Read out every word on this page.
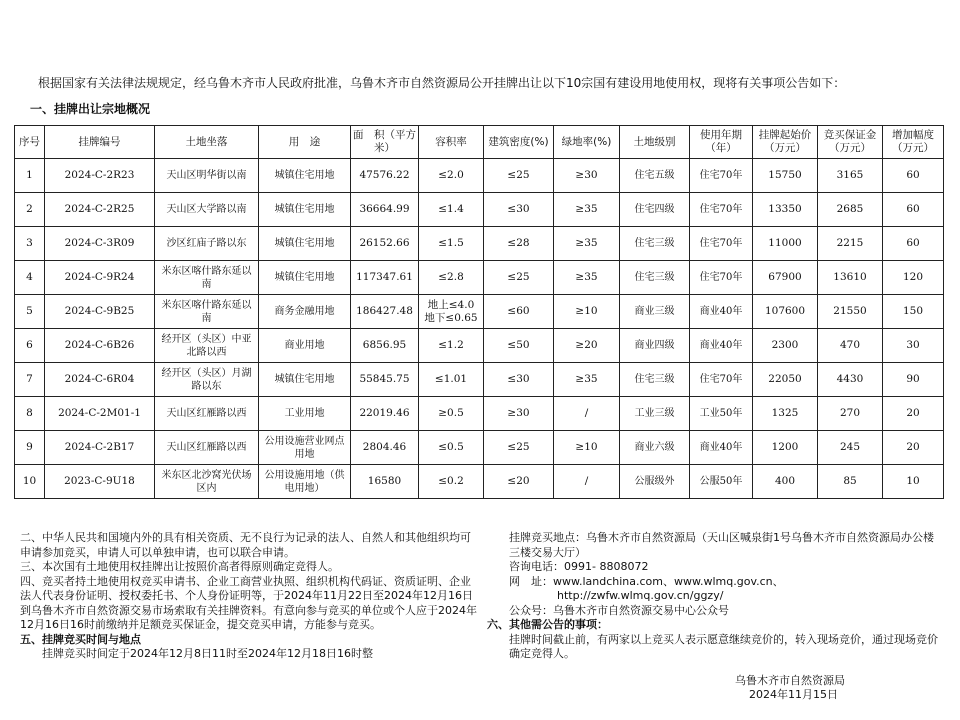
根据国家有关法律法规规定，经乌鲁木齐市人民政府批准，乌鲁木齐市自然资源局公开挂牌出让以下10宗国有建设用地使用权，现将有关事项公告如下：
一、挂牌出让宗地概况
序号	挂牌编号	土地坐落	用　途	面　积（平方米）	容积率	建筑密度(%)	绿地率(%)	土地级别	使用年期（年）	挂牌起始价（万元）	竞买保证金（万元）	增加幅度（万元）
1	2024-C-2R23	天山区明华街以南	城镇住宅用地	47576.22	≤2.0	≤25	≥30	住宅五级	住宅70年	15750	3165	60
2	2024-C-2R25	天山区大学路以南	城镇住宅用地	36664.99	≤1.4	≤30	≥35	住宅四级	住宅70年	13350	2685	60
3	2024-C-3R09	沙区红庙子路以东	城镇住宅用地	26152.66	≤1.5	≤28	≥35	住宅三级	住宅70年	11000	2215	60
4	2024-C-9R24	米东区喀什路东延以南	城镇住宅用地	117347.61	≤2.8	≤25	≥35	住宅三级	住宅70年	67900	13610	120
5	2024-C-9B25	米东区喀什路东延以南	商务金融用地	186427.48	地上≤4.0 地下≤0.65	≤60	≥10	商业三级	商业40年	107600	21550	150
6	2024-C-6B26	经开区（头区）中亚北路以西	商业用地	6856.95	≤1.2	≤50	≥20	商业四级	商业40年	2300	470	30
7	2024-C-6R04	经开区（头区）月湖路以东	城镇住宅用地	55845.75	≤1.01	≤30	≥35	住宅三级	住宅70年	22050	4430	90
8	2024-C-2M01-1	天山区红雁路以西	工业用地	22019.46	≥0.5	≥30	/	工业三级	工业50年	1325	270	20
9	2024-C-2B17	天山区红雁路以西	公用设施营业网点用地	2804.46	≤0.5	≤25	≥10	商业六级	商业40年	1200	245	20
10	2023-C-9U18	米东区北沙窝光伏场区内	公用设施用地（供电用地）	16580	≤0.2	≤20	/	公服级外	公服50年	400	85	10

二、中华人民共和国境内外的具有相关资质、无不良行为记录的法人、自然人和其他组织均可申请参加竞买，申请人可以单独申请，也可以联合申请。

三、本次国有土地使用权挂牌出让按照价高者得原则确定竞得人。

四、竞买者持土地使用权竞买申请书、企业工商营业执照、组织机构代码证、资质证明、企业法人代表身份证明、授权委托书、个人身份证明等，于2024年11月22日至2024年12月16日到乌鲁木齐市自然资源交易市场索取有关挂牌资料。有意向参与竞买的单位或个人应于2024年12月16日16时前缴纳并足额竞买保证金，提交竞买申请，方能参与竞买。

五、挂牌竞买时间与地点

挂牌竞买时间定于2024年12月8日11时至2024年12月18日16时整

挂牌竞买地点：乌鲁木齐市自然资源局（天山区喊泉街1号乌鲁木齐市自然资源局办公楼三楼交易大厅）

咨询电话：0991- 8808072

网　址：www.landchina.com、www.wlmq.gov.cn、

http://zwfw.wlmq.gov.cn/ggzy/

公众号：乌鲁木齐市自然资源交易中心公众号

六、其他需公告的事项：

挂牌时间截止前，有两家以上竞买人表示愿意继续竞价的，转入现场竞价，通过现场竞价确定竞得人。

乌鲁木齐市自然资源局
2024年11月15日
